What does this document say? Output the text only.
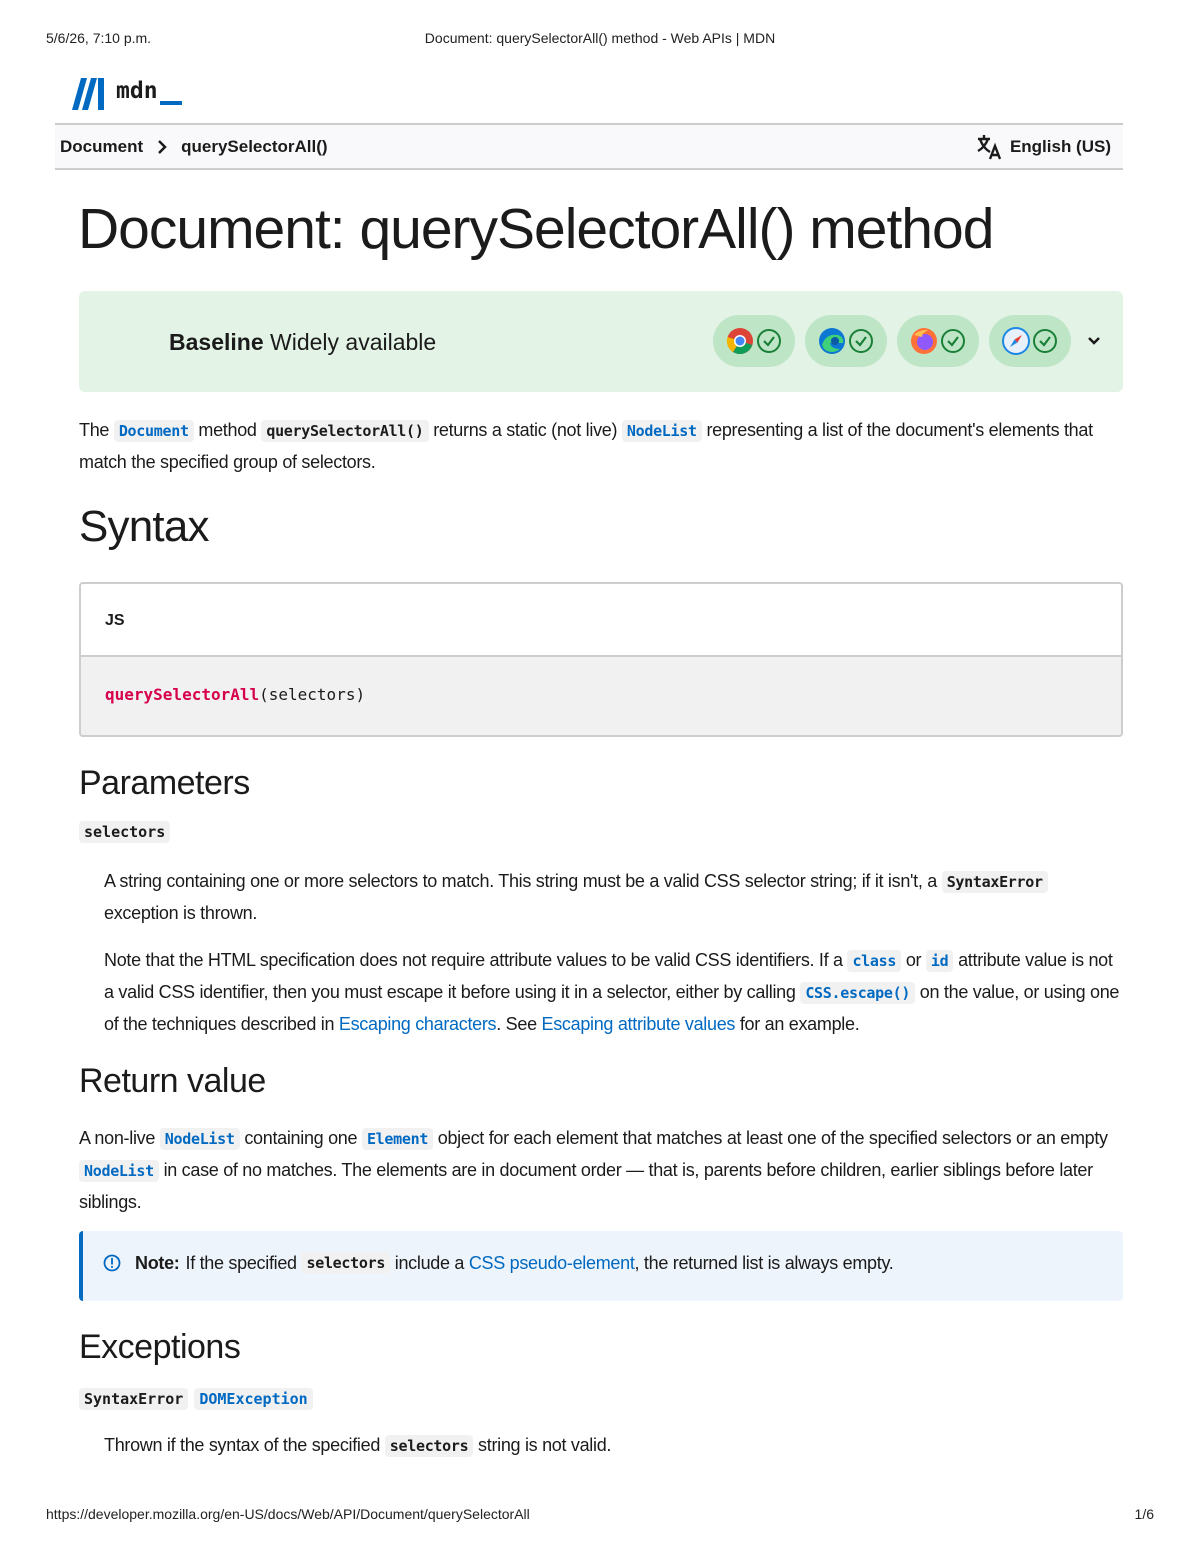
5/6/26, 7:10 p.m.	Document: querySelectorAll() method - Web APIs | MDN
mdn
Document querySelectorAll()	English (US)
Document: querySelectorAll() method
Baseline Widely available

The Document method querySelectorAll() returns a static (not live) NodeList representing a list of the document's elements that match the specified group of selectors.

Syntax
JS
querySelectorAll(selectors)
Parameters
selectors

A string containing one or more selectors to match. This string must be a valid CSS selector string; if it isn't, a SyntaxError exception is thrown.

Note that the HTML specification does not require attribute values to be valid CSS identifiers. If a class or id attribute value is not a valid CSS identifier, then you must escape it before using it in a selector, either by calling CSS.escape() on the value, or using one of the techniques described in Escaping characters. See Escaping attribute values for an example.

Return value

A non-live NodeList containing one Element object for each element that matches at least one of the specified selectors or an empty NodeList in case of no matches. The elements are in document order — that is, parents before children, earlier siblings before later siblings.

Note: If the specified
selectors
include a
CSS pseudo-element , the returned list is always empty.
Exceptions
SyntaxError	DOMException

Thrown if the syntax of the specified selectors string is not valid.

https://developer.mozilla.org/en-US/docs/Web/API/Document/querySelectorAll	1/6
